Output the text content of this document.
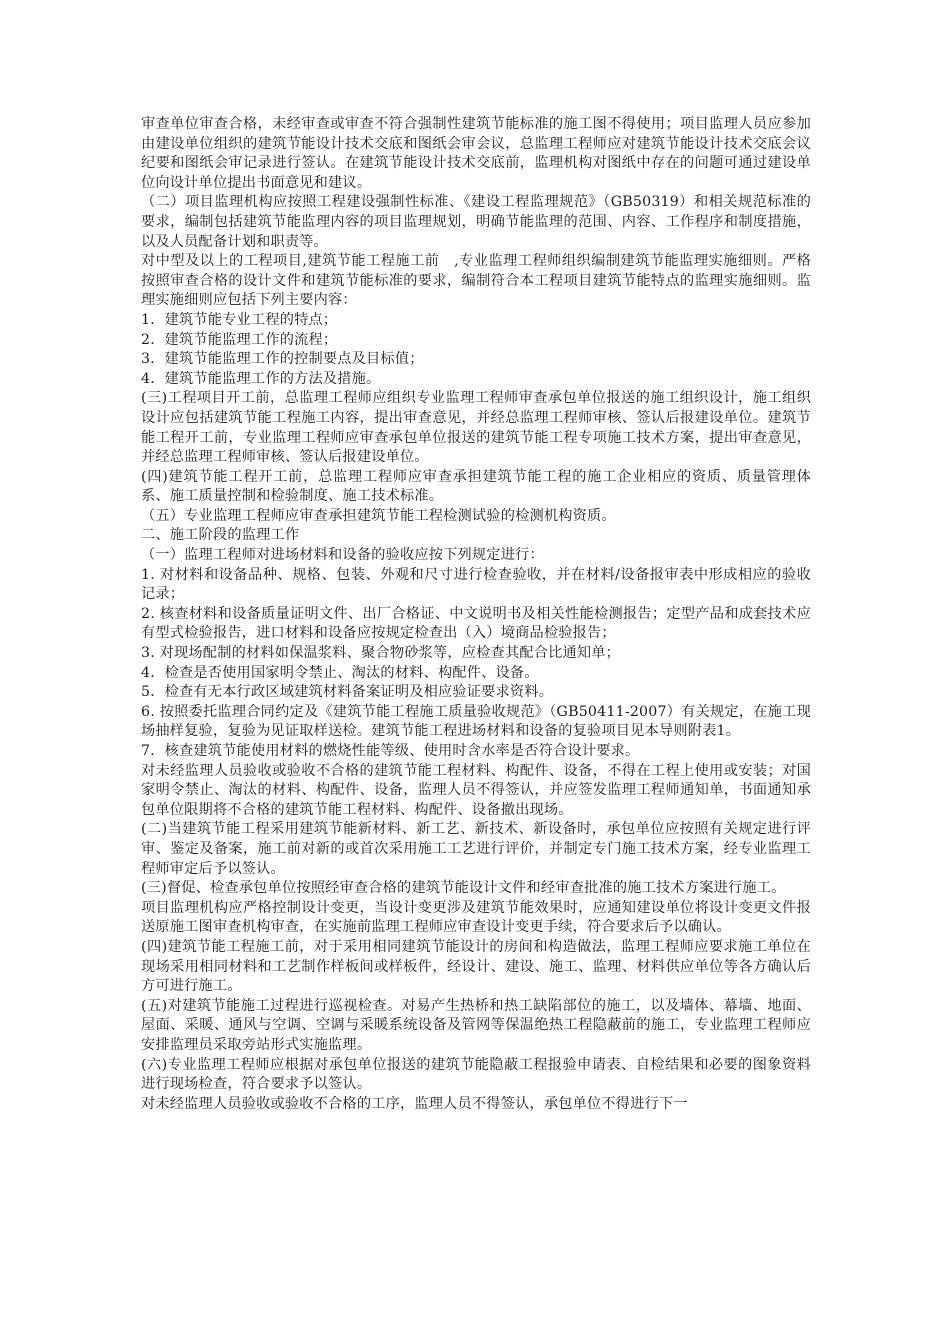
审查单位审查合格，未经审查或审查不符合强制性建筑节能标准的施工图不得使用；项目监理人员应参加由建设单位组织的建筑节能设计技术交底和图纸会审会议，总监理工程师应对建筑节能设计技术交底会议纪要和图纸会审记录进行签认。在建筑节能设计技术交底前，监理机构对图纸中存在的问题可通过建设单位向设计单位提出书面意见和建议。

（二）项目监理机构应按照工程建设强制性标准、《建设工程监理规范》（GB50319）和相关规范标准的要求，编制包括建筑节能监理内容的项目监理规划，明确节能监理的范围、内容、工作程序和制度措施，以及人员配备计划和职责等。

对中型及以上的工程项目,建筑节能工程施工前　,专业监理工程师组织编制建筑节能监理实施细则。严格按照审查合格的设计文件和建筑节能标准的要求，编制符合本工程项目建筑节能特点的监理实施细则。监理实施细则应包括下列主要内容：

1．建筑节能专业工程的特点；

2．建筑节能监理工作的流程；

3．建筑节能监理工作的控制要点及目标值；

4．建筑节能监理工作的方法及措施。

(三)工程项目开工前，总监理工程师应组织专业监理工程师审查承包单位报送的施工组织设计，施工组织设计应包括建筑节能工程施工内容，提出审查意见，并经总监理工程师审核、签认后报建设单位。建筑节能工程开工前，专业监理工程师应审查承包单位报送的建筑节能工程专项施工技术方案，提出审查意见，并经总监理工程师审核、签认后报建设单位。

(四)建筑节能工程开工前，总监理工程师应审查承担建筑节能工程的施工企业相应的资质、质量管理体系、施工质量控制和检验制度、施工技术标准。

（五）专业监理工程师应审查承担建筑节能工程检测试验的检测机构资质。

二、施工阶段的监理工作

（一）监理工程师对进场材料和设备的验收应按下列规定进行：

1. 对材料和设备品种、规格、包装、外观和尺寸进行检查验收，并在材料/设备报审表中形成相应的验收记录；

2. 核查材料和设备质量证明文件、出厂合格证、中文说明书及相关性能检测报告；定型产品和成套技术应有型式检验报告，进口材料和设备应按规定检查出（入）境商品检验报告；

3. 对现场配制的材料如保温浆料、聚合物砂浆等，应检查其配合比通知单；

4．检查是否使用国家明令禁止、淘汰的材料、构配件、设备。

5．检查有无本行政区域建筑材料备案证明及相应验证要求资料。

6. 按照委托监理合同约定及《建筑节能工程施工质量验收规范》（GB50411-2007）有关规定，在施工现场抽样复验，复验为见证取样送检。建筑节能工程进场材料和设备的复验项目见本导则附表1。

7．核查建筑节能使用材料的燃烧性能等级、使用时含水率是否符合设计要求。

对未经监理人员验收或验收不合格的建筑节能工程材料、构配件、设备，不得在工程上使用或安装；对国家明令禁止、淘汰的材料、构配件、设备，监理人员不得签认，并应签发监理工程师通知单，书面通知承包单位限期将不合格的建筑节能工程材料、构配件、设备撤出现场。

(二)当建筑节能工程采用建筑节能新材料、新工艺、新技术、新设备时，承包单位应按照有关规定进行评审、鉴定及备案，施工前对新的或首次采用施工工艺进行评价，并制定专门施工技术方案，经专业监理工程师审定后予以签认。

(三)督促、检查承包单位按照经审查合格的建筑节能设计文件和经审查批准的施工技术方案进行施工。

项目监理机构应严格控制设计变更，当设计变更涉及建筑节能效果时，应通知建设单位将设计变更文件报送原施工图审查机构审查，在实施前监理工程师应审查设计变更手续，符合要求后予以确认。

(四)建筑节能工程施工前，对于采用相同建筑节能设计的房间和构造做法，监理工程师应要求施工单位在现场采用相同材料和工艺制作样板间或样板件，经设计、建设、施工、监理、材料供应单位等各方确认后方可进行施工。

(五)对建筑节能施工过程进行巡视检查。对易产生热桥和热工缺陷部位的施工，以及墙体、幕墙、地面、屋面、采暖、通风与空调、空调与采暖系统设备及管网等保温绝热工程隐蔽前的施工，专业监理工程师应安排监理员采取旁站形式实施监理。

(六)专业监理工程师应根据对承包单位报送的建筑节能隐蔽工程报验申请表、自检结果和必要的图象资料进行现场检查，符合要求予以签认。

对未经监理人员验收或验收不合格的工序，监理人员不得签认，承包单位不得进行下一
